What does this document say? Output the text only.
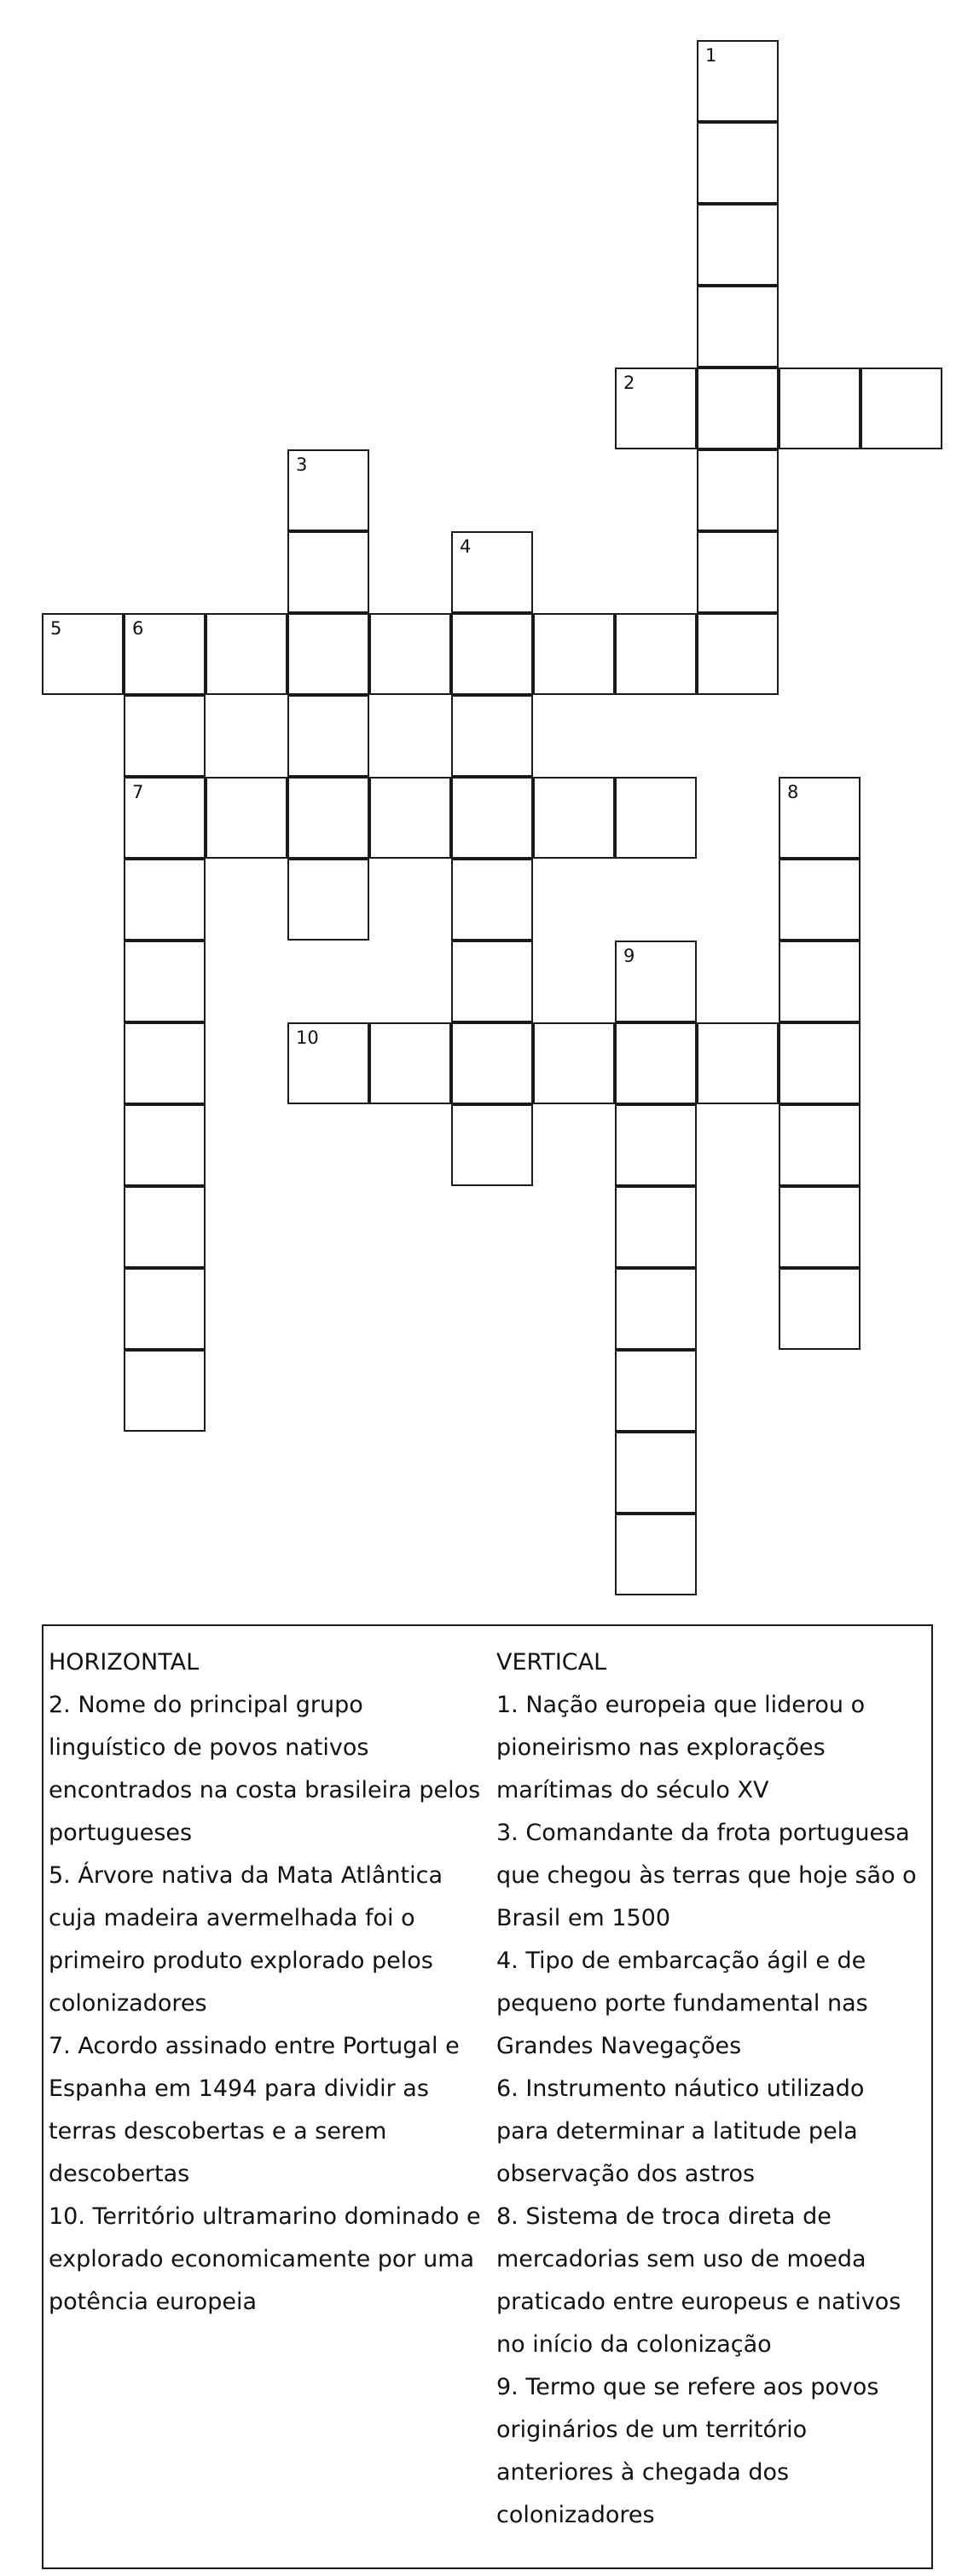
1
2
3
4
5	6
7	8
9
10
HORIZONTAL

2. Nome do principal grupo linguístico de povos nativos encontrados na costa brasileira pelos portugueses

5. Árvore nativa da Mata Atlântica cuja madeira avermelhada foi o primeiro produto explorado pelos colonizadores

7. Acordo assinado entre Portugal e Espanha em 1494 para dividir as terras descobertas e a serem descobertas

10. Território ultramarino dominado e explorado economicamente por uma potência europeia

VERTICAL

1. Nação europeia que liderou o pioneirismo nas explorações marítimas do século XV

3. Comandante da frota portuguesa que chegou às terras que hoje são o Brasil em 1500

4. Tipo de embarcação ágil e de pequeno porte fundamental nas Grandes Navegações

6. Instrumento náutico utilizado para determinar a latitude pela observação dos astros

8. Sistema de troca direta de mercadorias sem uso de moeda praticado entre europeus e nativos no início da colonização

9. Termo que se refere aos povos originários de um território anteriores à chegada dos colonizadores
